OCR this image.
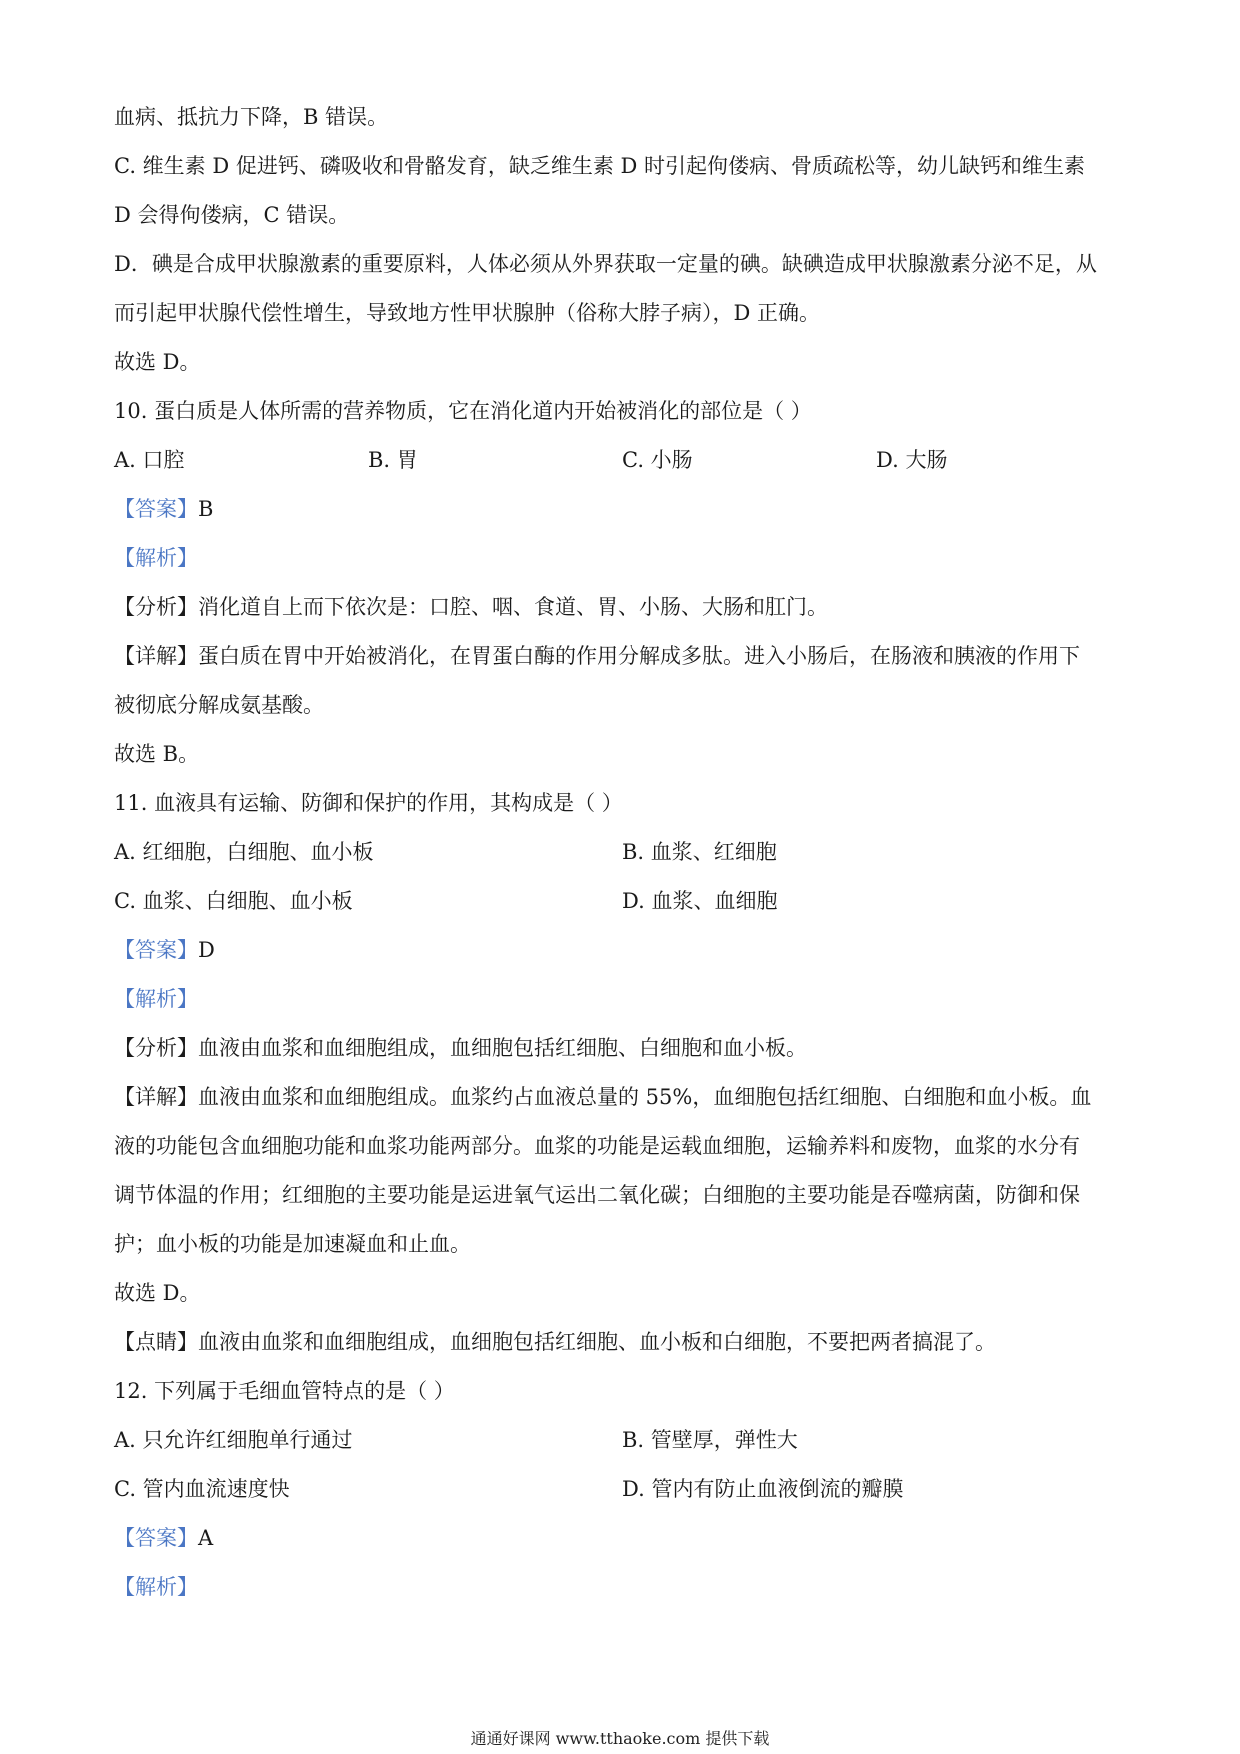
血病、抵抗力下降，B 错误。
C. 维生素 D 促进钙、磷吸收和骨骼发育，缺乏维生素 D 时引起佝偻病、骨质疏松等，幼儿缺钙和维生素
D 会得佝偻病，C 错误。
D．碘是合成甲状腺激素的重要原料，人体必须从外界获取一定量的碘。缺碘造成甲状腺激素分泌不足，从
而引起甲状腺代偿性增生，导致地方性甲状腺肿（俗称大脖子病），D 正确。
故选 D。
10. 蛋白质是人体所需的营养物质，它在消化道内开始被消化的部位是（ ）
A. 口腔	B. 胃	C. 小肠	D. 大肠
【答案】B
【解析】
【分析】消化道自上而下依次是：口腔、咽、食道、胃、小肠、大肠和肛门。
【详解】蛋白质在胃中开始被消化，在胃蛋白酶的作用分解成多肽。进入小肠后，在肠液和胰液的作用下
被彻底分解成氨基酸。
故选 B。
11. 血液具有运输、防御和保护的作用，其构成是（ ）
A. 红细胞，白细胞、血小板	B. 血浆、红细胞
C. 血浆、白细胞、血小板	D. 血浆、血细胞
【答案】D
【解析】
【分析】血液由血浆和血细胞组成，血细胞包括红细胞、白细胞和血小板。
【详解】血液由血浆和血细胞组成。血浆约占血液总量的 55%，血细胞包括红细胞、白细胞和血小板。血
液的功能包含血细胞功能和血浆功能两部分。血浆的功能是运载血细胞，运输养料和废物，血浆的水分有
调节体温的作用；红细胞的主要功能是运进氧气运出二氧化碳；白细胞的主要功能是吞噬病菌，防御和保
护；血小板的功能是加速凝血和止血。
故选 D。
【点睛】血液由血浆和血细胞组成，血细胞包括红细胞、血小板和白细胞，不要把两者搞混了。
12. 下列属于毛细血管特点的是（ ）
A. 只允许红细胞单行通过	B. 管壁厚，弹性大
C. 管内血流速度快	D. 管内有防止血液倒流的瓣膜
【答案】A
【解析】
通通好课网 www.tthaoke.com 提供下载
